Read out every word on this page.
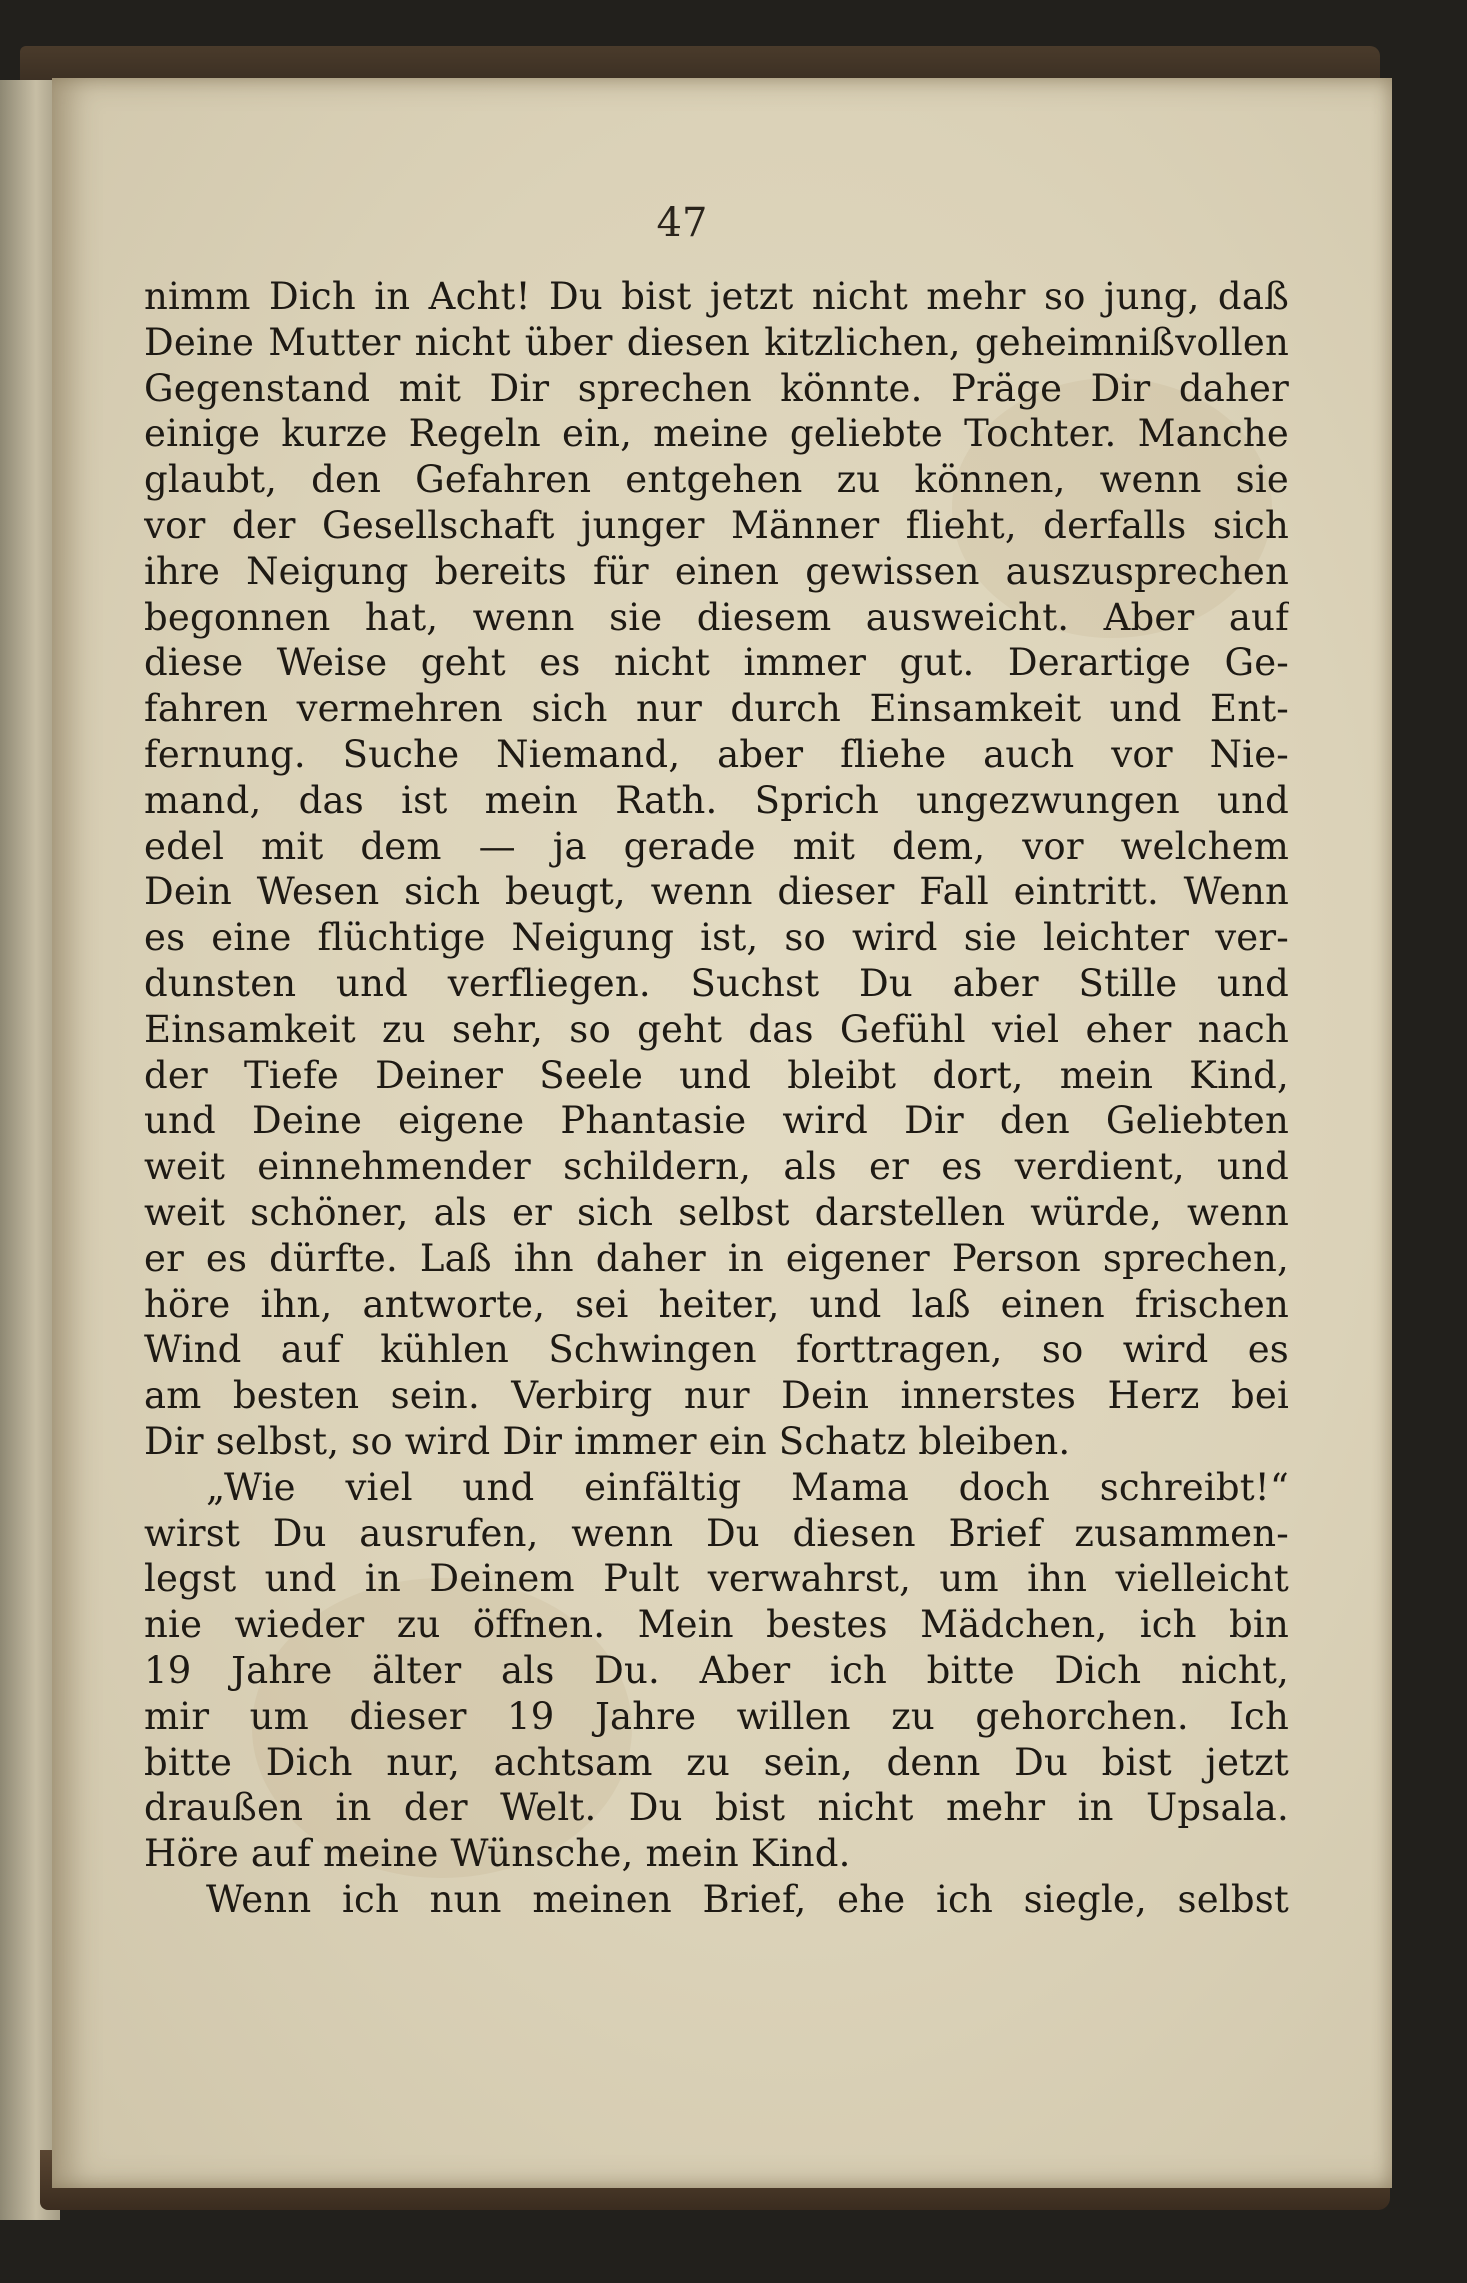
47
nimm Dich in Acht! Du bist jetzt nicht mehr so jung, daß
Deine Mutter nicht über diesen kitzlichen, geheimnißvollen
Gegenstand mit Dir sprechen könnte. Präge Dir daher
einige kurze Regeln ein, meine geliebte Tochter. Manche
glaubt, den Gefahren entgehen zu können, wenn sie
vor der Gesellschaft junger Männer flieht, derfalls sich
ihre Neigung bereits für einen gewissen auszusprechen
begonnen hat, wenn sie diesem ausweicht. Aber auf
diese Weise geht es nicht immer gut. Derartige Ge-
fahren vermehren sich nur durch Einsamkeit und Ent-
fernung. Suche Niemand, aber fliehe auch vor Nie-
mand, das ist mein Rath. Sprich ungezwungen und
edel mit dem — ja gerade mit dem, vor welchem
Dein Wesen sich beugt, wenn dieser Fall eintritt. Wenn
es eine flüchtige Neigung ist, so wird sie leichter ver-
dunsten und verfliegen. Suchst Du aber Stille und
Einsamkeit zu sehr, so geht das Gefühl viel eher nach
der Tiefe Deiner Seele und bleibt dort, mein Kind,
und Deine eigene Phantasie wird Dir den Geliebten
weit einnehmender schildern, als er es verdient, und
weit schöner, als er sich selbst darstellen würde, wenn
er es dürfte. Laß ihn daher in eigener Person sprechen,
höre ihn, antworte, sei heiter, und laß einen frischen
Wind auf kühlen Schwingen forttragen, so wird es
am besten sein. Verbirg nur Dein innerstes Herz bei
Dir selbst, so wird Dir immer ein Schatz bleiben.
„Wie viel und einfältig Mama doch schreibt!“
wirst Du ausrufen, wenn Du diesen Brief zusammen-
legst und in Deinem Pult verwahrst, um ihn vielleicht
nie wieder zu öffnen. Mein bestes Mädchen, ich bin
19 Jahre älter als Du. Aber ich bitte Dich nicht,
mir um dieser 19 Jahre willen zu gehorchen. Ich
bitte Dich nur, achtsam zu sein, denn Du bist jetzt
draußen in der Welt. Du bist nicht mehr in Upsala.
Höre auf meine Wünsche, mein Kind.
Wenn ich nun meinen Brief, ehe ich siegle, selbst
